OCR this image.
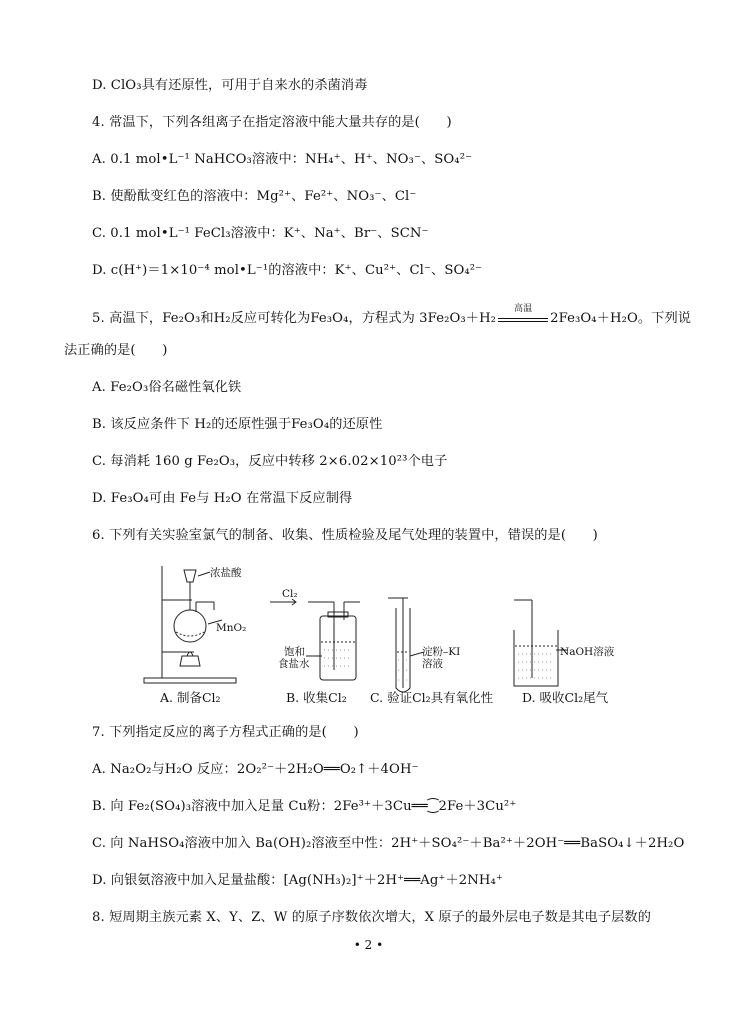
D. ClO₃具有还原性，可用于自来水的杀菌消毒
4. 常温下，下列各组离子在指定溶液中能大量共存的是(　　)
A. 0.1 mol•L⁻¹ NaHCO₃溶液中：NH₄⁺、H⁺、NO₃⁻、SO₄²⁻
B. 使酚酞变红色的溶液中：Mg²⁺、Fe²⁺、NO₃⁻、Cl⁻
C. 0.1 mol•L⁻¹ FeCl₃溶液中：K⁺、Na⁺、Br⁻、SCN⁻
D. c(H⁺)＝1×10⁻⁴ mol•L⁻¹的溶液中：K⁺、Cu²⁺、Cl⁻、SO₄²⁻
5. 高温下，Fe₂O₃和H₂反应可转化为Fe₃O₄，方程式为 3Fe₂O₃＋H₂
高温
2Fe₃O₄＋H₂O。下列说
法正确的是(　　)
A. Fe₂O₃俗名磁性氧化铁
B. 该反应条件下 H₂的还原性强于Fe₃O₄的还原性
C. 每消耗 160 g Fe₂O₃，反应中转移 2×6.02×10²³个电子
D. Fe₃O₄可由 Fe与 H₂O 在常温下反应制得
6. 下列有关实验室氯气的制备、收集、性质检验及尾气处理的装置中，错误的是(　　)
浓盐酸
MnO₂
Cl₂
饱和
食盐水
淀粉–KI
溶液
NaOH溶液
A. 制备Cl₂	B. 收集Cl₂ C. 验证Cl₂具有氧化性 D. 吸收Cl₂尾气
7. 下列指定反应的离子方程式正确的是(　　)
A. Na₂O₂与H₂O 反应：2O₂²⁻＋2H₂O══O₂↑＋4OH⁻
B. 向 Fe₂(SO₄)₃溶液中加入足量 Cu粉：2Fe³⁺＋3Cu══⁐2Fe＋3Cu²⁺
C. 向 NaHSO₄溶液中加入 Ba(OH)₂溶液至中性：2H⁺＋SO₄²⁻＋Ba²⁺＋2OH⁻══BaSO₄↓＋2H₂O
D. 向银氨溶液中加入足量盐酸：[Ag(NH₃)₂]⁺＋2H⁺══Ag⁺＋2NH₄⁺
8. 短周期主族元素 X、Y、Z、W 的原子序数依次增大，X 原子的最外层电子数是其电子层数的
• 2 •
